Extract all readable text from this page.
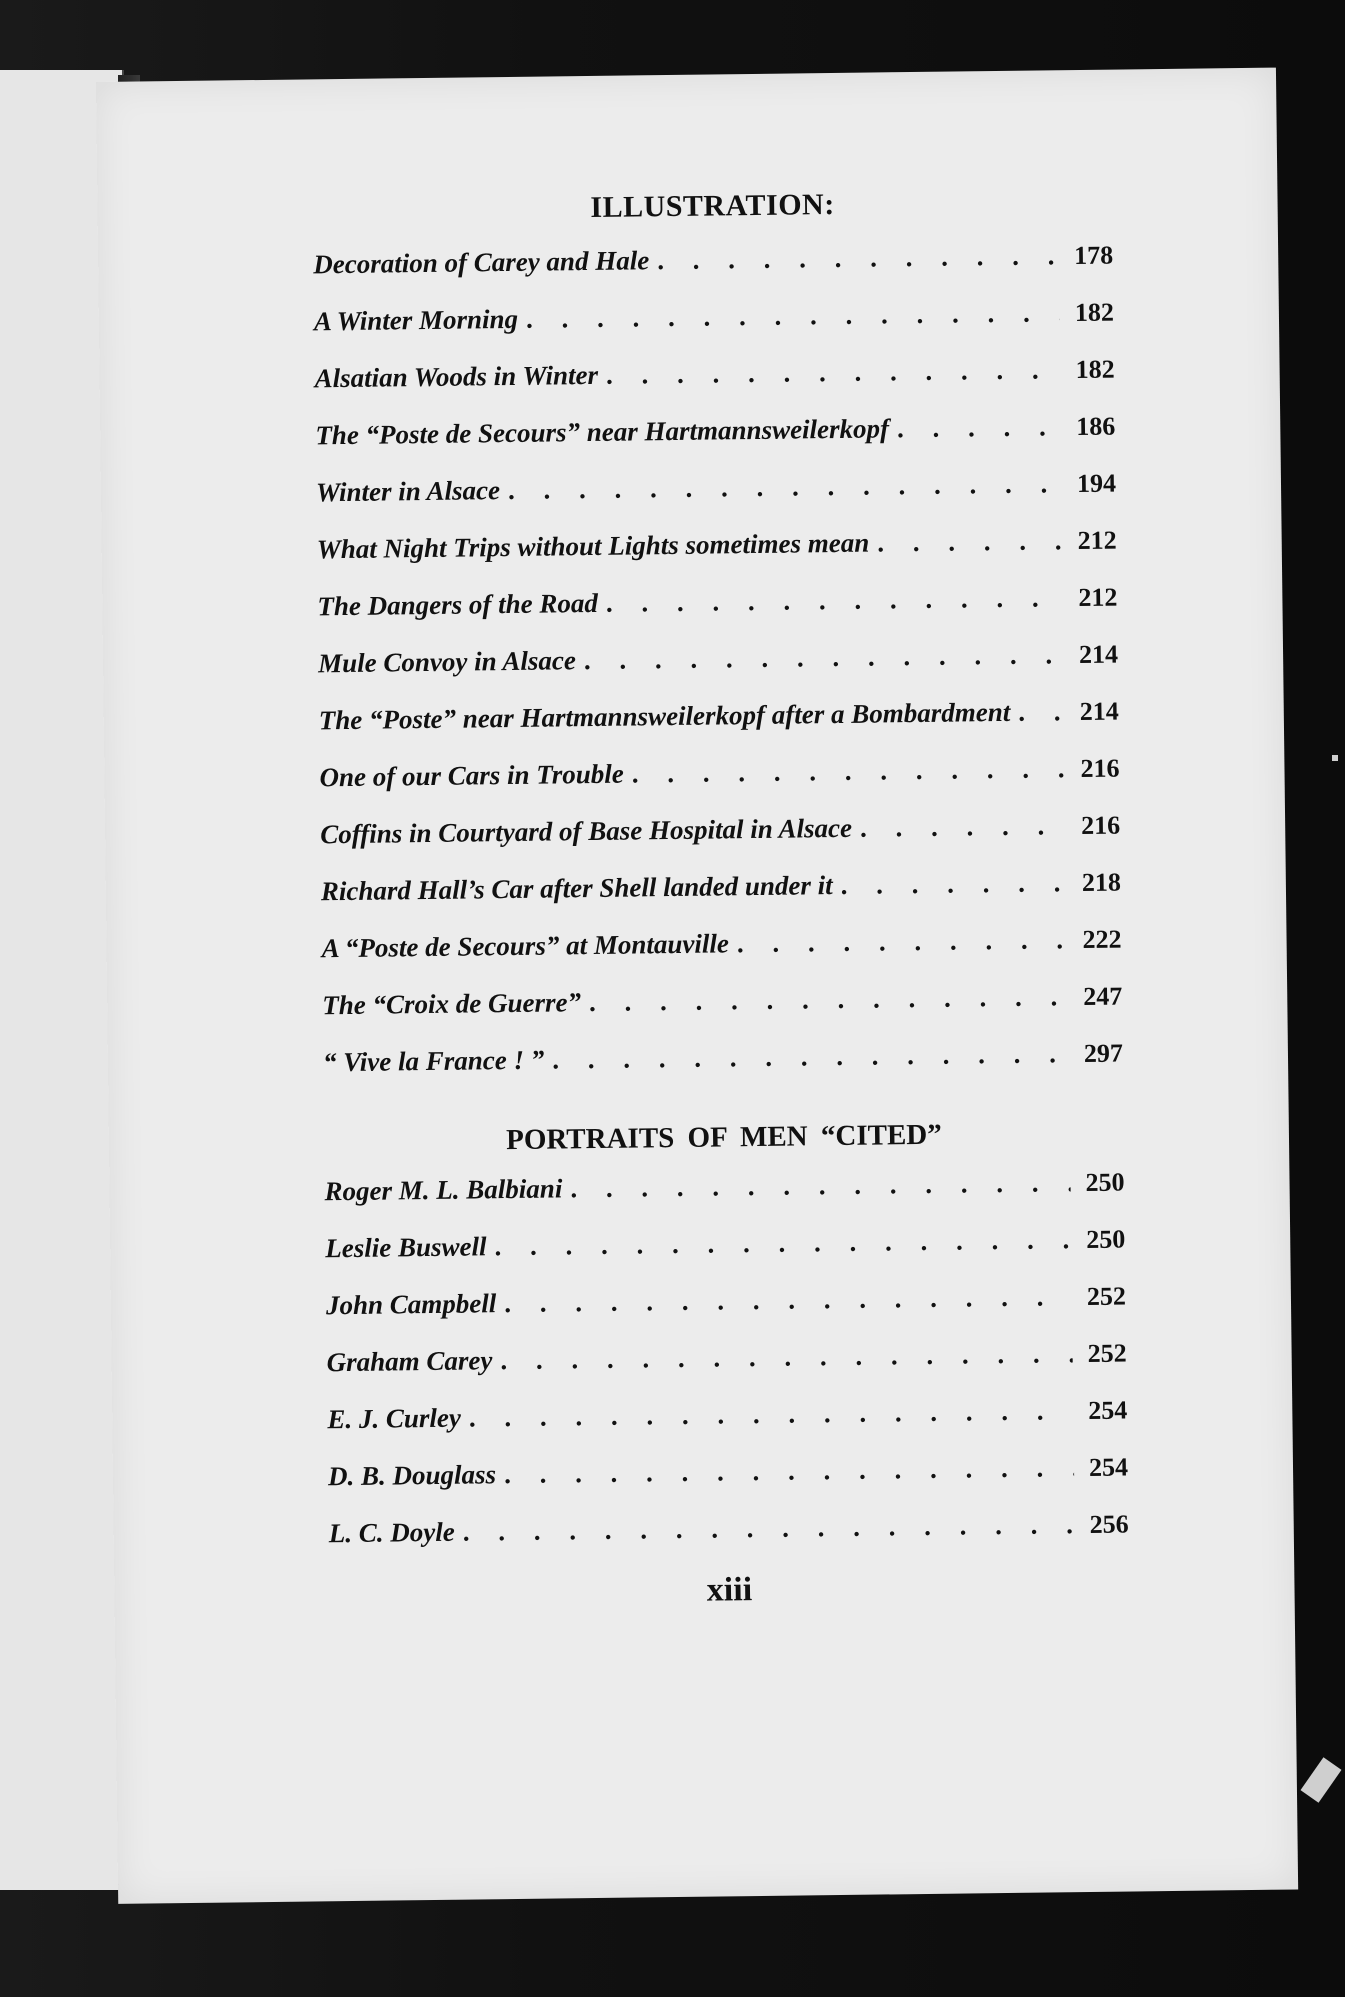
ILLUSTRATION:
Decoration of Carey and Hale . . .	178
A Winter Morning . . .	182
Alsatian Woods in Winter . . .	182
The “Poste de Secours” near Hartmannsweilerkopf . . .	186
Winter in Alsace . . .	194
What Night Trips without Lights sometimes mean . . .	212
The Dangers of the Road . . .	212
Mule Convoy in Alsace . . .	214
The “Poste” near Hartmannsweilerkopf after a Bombardment . . .	214
One of our Cars in Trouble . . .	216
Coffins in Courtyard of Base Hospital in Alsace . . .	216
Richard Hall’s Car after Shell landed under it . . .	218
A “Poste de Secours” at Montauville . . .	222
The “Croix de Guerre” . . .	247
“ Vive la France ! ” . . .	297
PORTRAITS OF MEN “CITED”
Roger M. L. Balbiani . . .	250
Leslie Buswell . . .	250
John Campbell . . .	252
Graham Carey . . .	252
E. J. Curley . . .	254
D. B. Douglass . . .	254
L. C. Doyle . . .	256
xiii
